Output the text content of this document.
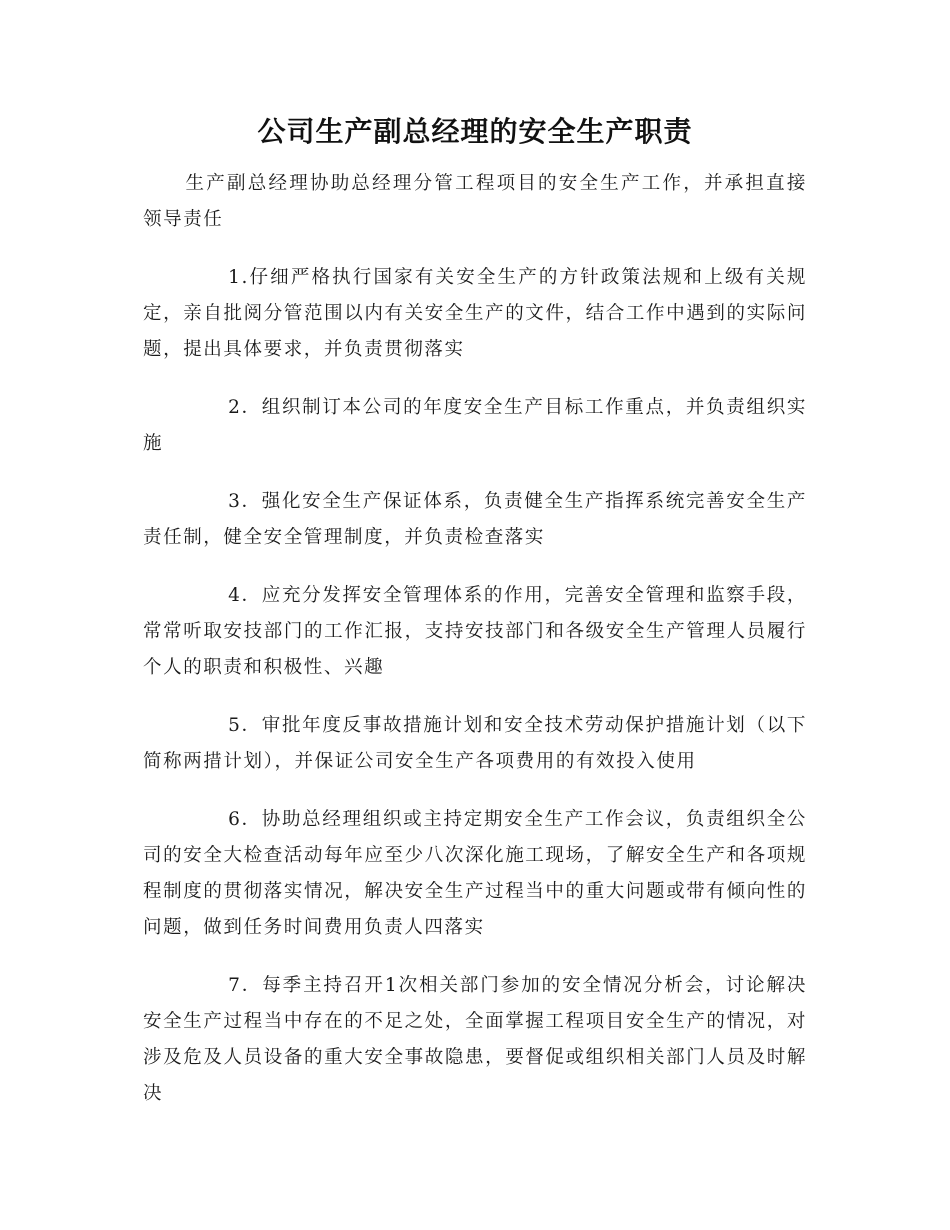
公司生产副总经理的安全生产职责

生产副总经理协助总经理分管工程项目的安全生产工作，并承担直接领导责任

1.仔细严格执行国家有关安全生产的方针政策法规和上级有关规定，亲自批阅分管范围以内有关安全生产的文件，结合工作中遇到的实际问题，提出具体要求，并负责贯彻落实

2．组织制订本公司的年度安全生产目标工作重点，并负责组织实施

3．强化安全生产保证体系，负责健全生产指挥系统完善安全生产责任制，健全安全管理制度，并负责检查落实

4．应充分发挥安全管理体系的作用，完善安全管理和监察手段，常常听取安技部门的工作汇报，支持安技部门和各级安全生产管理人员履行个人的职责和积极性、兴趣

5．审批年度反事故措施计划和安全技术劳动保护措施计划（以下简称两措计划），并保证公司安全生产各项费用的有效投入使用

6．协助总经理组织或主持定期安全生产工作会议，负责组织全公司的安全大检查活动每年应至少八次深化施工现场，了解安全生产和各项规程制度的贯彻落实情况，解决安全生产过程当中的重大问题或带有倾向性的问题，做到任务时间费用负责人四落实

7．每季主持召开1次相关部门参加的安全情况分析会，讨论解决安全生产过程当中存在的不足之处，全面掌握工程项目安全生产的情况，对涉及危及人员设备的重大安全事故隐患，要督促或组织相关部门人员及时解决
